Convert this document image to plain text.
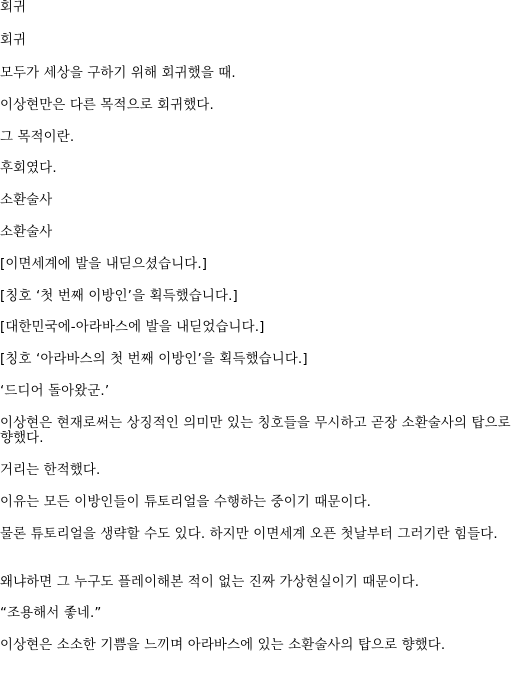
회귀

회귀

모두가 세상을 구하기 위해 회귀했을 때.

이상현만은 다른 목적으로 회귀했다.

그 목적이란.

후회였다.

소환술사

소환술사

[이면세계에 발을 내딛으셨습니다.]

[칭호 ‘첫 번째 이방인’을 획득했습니다.]

[대한민국에-아라바스에 발을 내딛었습니다.]

[칭호 ‘아라바스의 첫 번째 이방인’을 획득했습니다.]

‘드디어 돌아왔군.’

이상현은 현재로써는 상징적인 의미만 있는 칭호들을 무시하고 곧장 소환술사의 탑으로 향했다.

거리는 한적했다.

이유는 모든 이방인들이 튜토리얼을 수행하는 중이기 때문이다.

물론 튜토리얼을 생략할 수도 있다. 하지만 이면세계 오픈 첫날부터 그러기란 힘들다.

왜냐하면 그 누구도 플레이해본 적이 없는 진짜 가상현실이기 때문이다.

“조용해서 좋네.”

이상현은 소소한 기쁨을 느끼며 아라바스에 있는 소환술사의 탑으로 향했다.
